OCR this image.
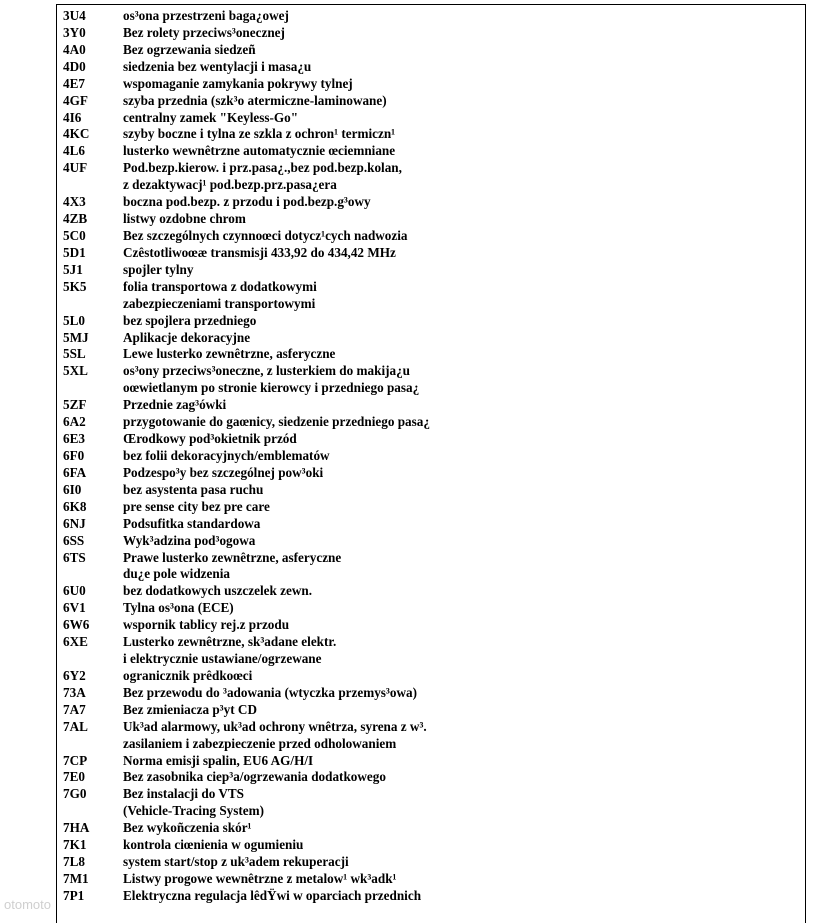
3U4	os³ona przestrzeni baga¿owej
3Y0	Bez rolety przeciws³onecznej
4A0	Bez ogrzewania siedzeñ
4D0	siedzenia bez wentylacji i masa¿u
4E7	wspomaganie zamykania pokrywy tylnej
4GF	szyba przednia (szk³o atermiczne-laminowane)
4I6	centralny zamek "Keyless-Go"
4KC	szyby boczne i tylna ze szkla z ochron¹ termiczn¹
4L6	lusterko wewnêtrzne automatycznie œciemniane
4UF	Pod.bezp.kierow. i prz.pasa¿.,bez pod.bezp.kolan,
z dezaktywacj¹ pod.bezp.prz.pasa¿era
4X3	boczna pod.bezp. z przodu i pod.bezp.g³owy
4ZB	listwy ozdobne chrom
5C0	Bez szczególnych czynnoœci dotycz¹cych nadwozia
5D1	Czêstotliwoœæ transmisji 433,92 do 434,42 MHz
5J1	spojler tylny
5K5	folia transportowa z dodatkowymi
zabezpieczeniami transportowymi
5L0	bez spojlera przedniego
5MJ	Aplikacje dekoracyjne
5SL	Lewe lusterko zewnêtrzne, asferyczne
5XL	os³ony przeciws³oneczne, z lusterkiem do makija¿u
oœwietlanym po stronie kierowcy i przedniego pasa¿
5ZF	Przednie zag³ówki
6A2	przygotowanie do gaœnicy, siedzenie przedniego pasa¿
6E3	Œrodkowy pod³okietnik przód
6F0	bez folii dekoracyjnych/emblematów
6FA	Podzespo³y bez szczególnej pow³oki
6I0	bez asystenta pasa ruchu
6K8	pre sense city bez pre care
6NJ	Podsufitka standardowa
6SS	Wyk³adzina pod³ogowa
6TS	Prawe lusterko zewnêtrzne, asferyczne
du¿e pole widzenia
6U0	bez dodatkowych uszczelek zewn.
6V1	Tylna os³ona (ECE)
6W6	wspornik tablicy rej.z przodu
6XE	Lusterko zewnêtrzne, sk³adane elektr.
i elektrycznie ustawiane/ogrzewane
6Y2	ogranicznik prêdkoœci
73A	Bez przewodu do ³adowania (wtyczka przemys³owa)
7A7	Bez zmieniacza p³yt CD
7AL	Uk³ad alarmowy, uk³ad ochrony wnêtrza, syrena z w³.
zasilaniem i zabezpieczenie przed odholowaniem
7CP	Norma emisji spalin, EU6 AG/H/I
7E0	Bez zasobnika ciep³a/ogrzewania dodatkowego
7G0	Bez instalacji do VTS
(Vehicle-Tracing System)
7HA	Bez wykoñczenia skór¹
7K1	kontrola ciœnienia w ogumieniu
7L8	system start/stop z uk³adem rekuperacji
7M1	Listwy progowe wewnêtrzne z metalow¹ wk³adk¹
7P1	Elektryczna regulacja lêdŸwi w oparciach przednich
otomoto
